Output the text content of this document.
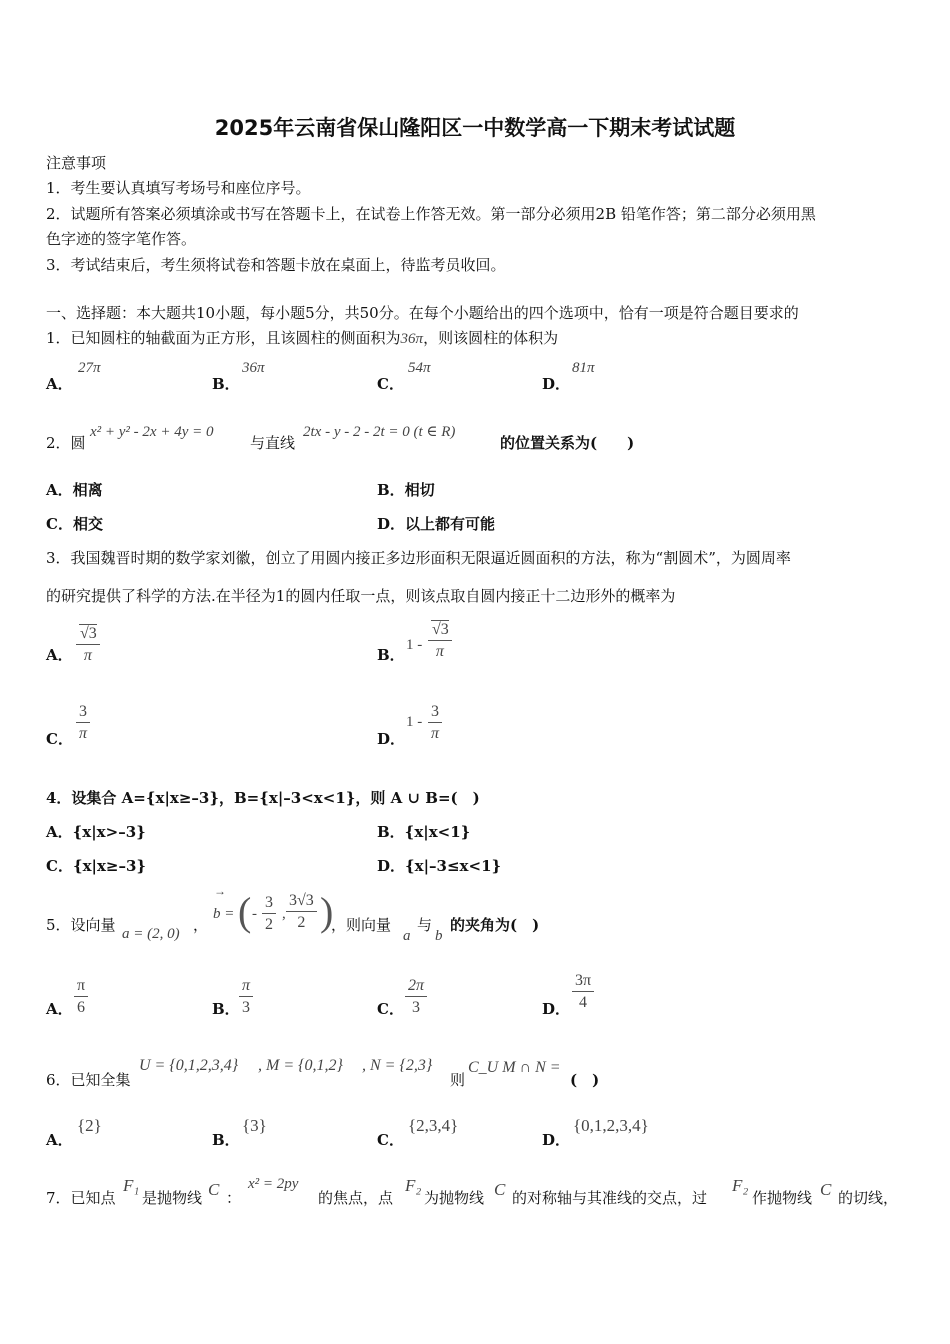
2025年云南省保山隆阳区一中数学高一下期末考试试题
注意事项
1．考生要认真填写考场号和座位序号。
2．试题所有答案必须填涂或书写在答题卡上，在试卷上作答无效。第一部分必须用2B 铅笔作答；第二部分必须用黑
色字迹的签字笔作答。
3．考试结束后，考生须将试卷和答题卡放在桌面上，待监考员收回。
一、选择题：本大题共10小题，每小题5分，共50分。在每个小题给出的四个选项中，恰有一项是符合题目要求的
1．已知圆柱的轴截面为正方形，且该圆柱的侧面积为36π，则该圆柱的体积为
A．
27π
B．
36π
C．
54π
D．
81π
2．圆
x² + y² - 2x + 4y = 0
与直线
2tx - y - 2 - 2t = 0 (t ∈ R)
的位置关系为(　　)
A．相离	B．相切
C．相交	D．以上都有可能
3．我国魏晋时期的数学家刘徽，创立了用圆内接正多边形面积无限逼近圆面积的方法，称为“割圆术”，为圆周率
的研究提供了科学的方法.在半径为1的圆内任取一点，则该点取自圆内接正十二边形外的概率为
A． $\frac{√3}{\pi}$	B．
$1 - \frac{√3}{\pi}$
C． $\frac{3}{\pi}$	D．
$1 - \frac{3}{\pi}$
4．设集合 A={x|x≥–3}，B={x|–3<x<1}，则 A ∪ B=(　)
A．{x|x>–3}	B．{x|x<1}
C．{x|x≥–3}	D．{x|–3≤x<1}
5．设向量 a = (2, 0) ，
→
b = ( - $\frac{3}{2}$ , $\frac{3√3}{2}$ )
，则向量
a
与
b
的夹角为(　)
A． $\frac{\pi}{6}$	B． $\frac{\pi}{3}$	C． $\frac{2\pi}{3}$	D． $\frac{3\pi}{4}$
6．已知全集
U = {0,1,2,3,4} , M = {0,1,2} , N = {2,3}
则
C_U M ∩ N =
(　)
A．
{2}
B．
{3}
C．
{2,3,4}
D．
{0,1,2,3,4}
7．已知点
F₁
是抛物线 C ：
x² = 2py
的焦点，点
F₂
为抛物线 C 的对称轴与其准线的交点，过
F₂
作抛物线 C 的切线，
